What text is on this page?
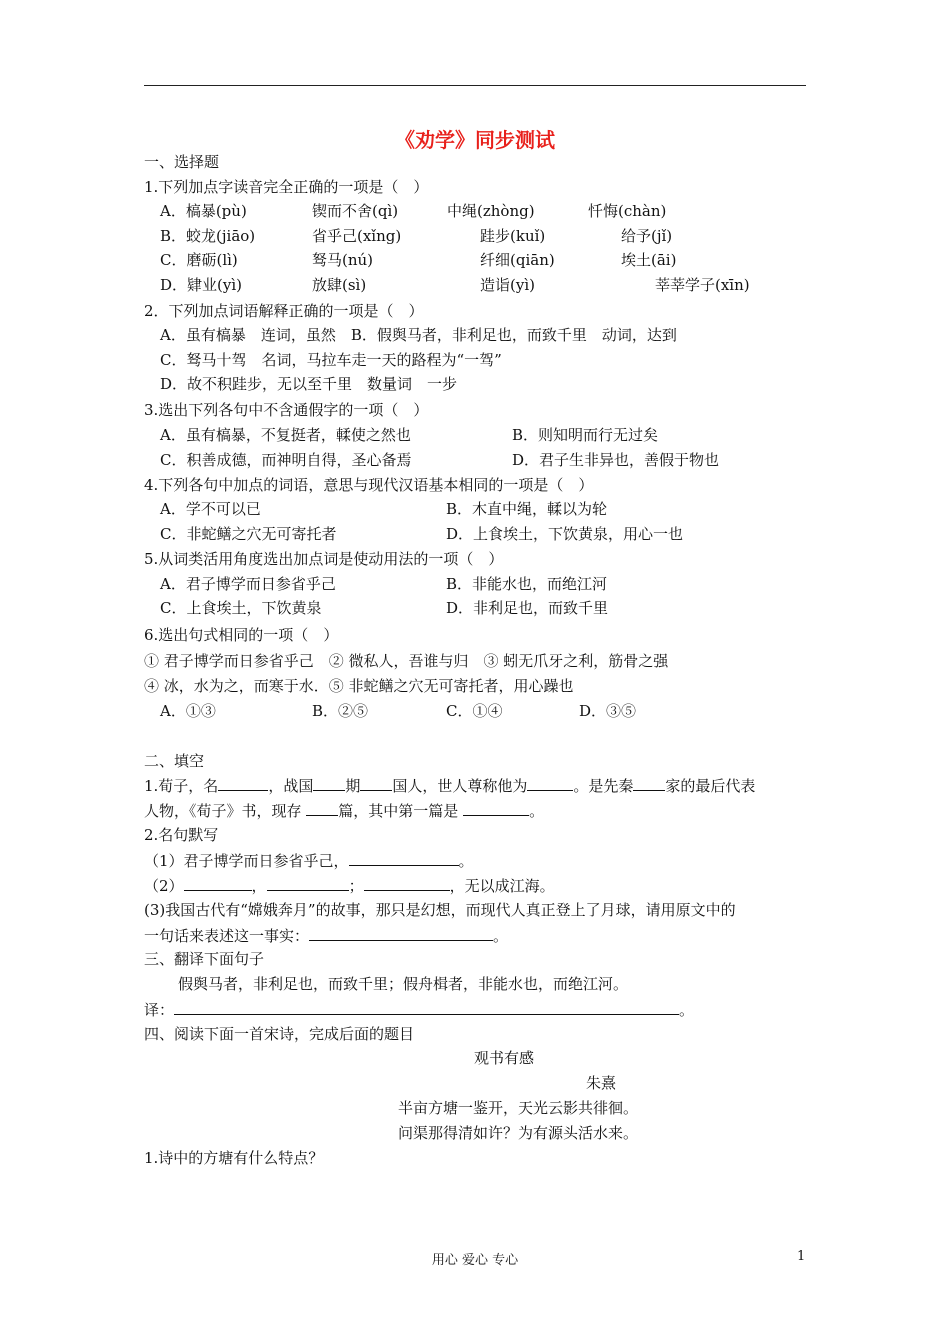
《劝学》同步测试
一、选择题
1.下列加点字读音完全正确的一项是（　）
A．槁暴(pù)	锲而不舍(qì)	中绳(zhòng)	忏悔(chàn)
B．蛟龙(jiāo)	省乎己(xǐng)	跬步(kuǐ)	给予(jǐ)
C．磨砺(lì)	驽马(nú)	纤细(qiān)	埃土(āi)
D．肄业(yì)	放肆(sì)	造诣(yì)	莘莘学子(xīn)
2．下列加点词语解释正确的一项是（　）
A．虽有槁暴　连词，虽然　B．假舆马者，非利足也，而致千里　动词，达到
C．驽马十驾　名词，马拉车走一天的路程为“一驾”
D．故不积跬步，无以至千里　数量词　一步
3.选出下列各句中不含通假字的一项（　）
A．虽有槁暴，不复挺者，輮使之然也	B．则知明而行无过矣
C．积善成德，而神明自得，圣心备焉	D．君子生非异也，善假于物也
4.下列各句中加点的词语，意思与现代汉语基本相同的一项是（　）
A．学不可以已	B．木直中绳，輮以为轮
C．非蛇鳝之穴无可寄托者	D．上食埃土，下饮黄泉，用心一也
5.从词类活用角度选出加点词是使动用法的一项（　）
A．君子博学而日参省乎己	B．非能水也，而绝江河
C．上食埃土，下饮黄泉	D．非利足也，而致千里
6.选出句式相同的一项（　）
① 君子博学而日参省乎己　② 微私人，吾谁与归　③ 蚓无爪牙之利，筋骨之强
④ 冰，水为之，而寒于水．⑤ 非蛇鳝之穴无可寄托者，用心躁也
A．①③	B．②⑤	C．①④	D．③⑤
二、填空
1.荀子，名	，战国 期 国人，世人尊称他为	。是先秦 家的最后代表
人物，《荀子》书，现存 篇，其中第一篇是	。
2.名句默写
（1）君子博学而日参省乎己，	。
（2）	，	；	，无以成江海。
(3)我国古代有“嫦娥奔月”的故事，那只是幻想，而现代人真正登上了月球，请用原文中的
一句话来表述这一事实：	。
三、翻译下面句子
假舆马者，非利足也，而致千里；假舟楫者，非能水也，而绝江河。
译：	。
四、阅读下面一首宋诗，完成后面的题目
观书有感
朱熹
半亩方塘一鉴开，天光云影共徘徊。
问渠那得清如许？为有源头活水来。
1.诗中的方塘有什么特点？
用心 爱心 专心	1
